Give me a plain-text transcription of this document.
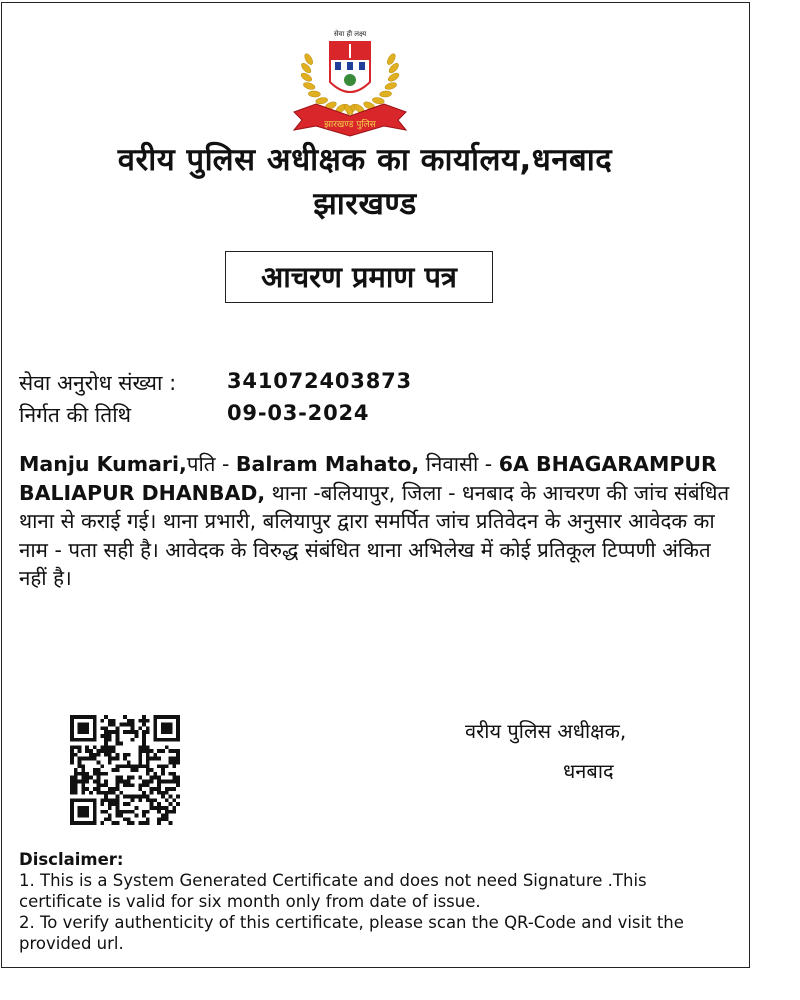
सेवा ही लक्ष्य
झारखण्ड पुलिस
वरीय पुलिस अधीक्षक का कार्यालय,धनबाद
झारखण्ड
आचरण प्रमाण पत्र
सेवा अनुरोध संख्या : 341072403873
निर्गत की तिथि	09-03-2024
Manju Kumari,पति - Balram Mahato, निवासी - 6A BHAGARAMPUR BALIAPUR DHANBAD, थाना -बलियापुर, जिला - धनबाद के आचरण की जांच संबंधित थाना से कराई गई। थाना प्रभारी, बलियापुर द्वारा समर्पित जांच प्रतिवेदन के अनुसार आवेदक का नाम - पता सही है। आवेदक के विरुद्ध संबंधित थाना अभिलेख में कोई प्रतिकूल टिप्पणी अंकित नहीं है।
वरीय पुलिस अधीक्षक,
धनबाद
Disclaimer:
1. This is a System Generated Certificate and does not need Signature .This certificate is valid for six month only from date of issue.
2. To verify authenticity of this certificate, please scan the QR-Code and visit the provided url.
